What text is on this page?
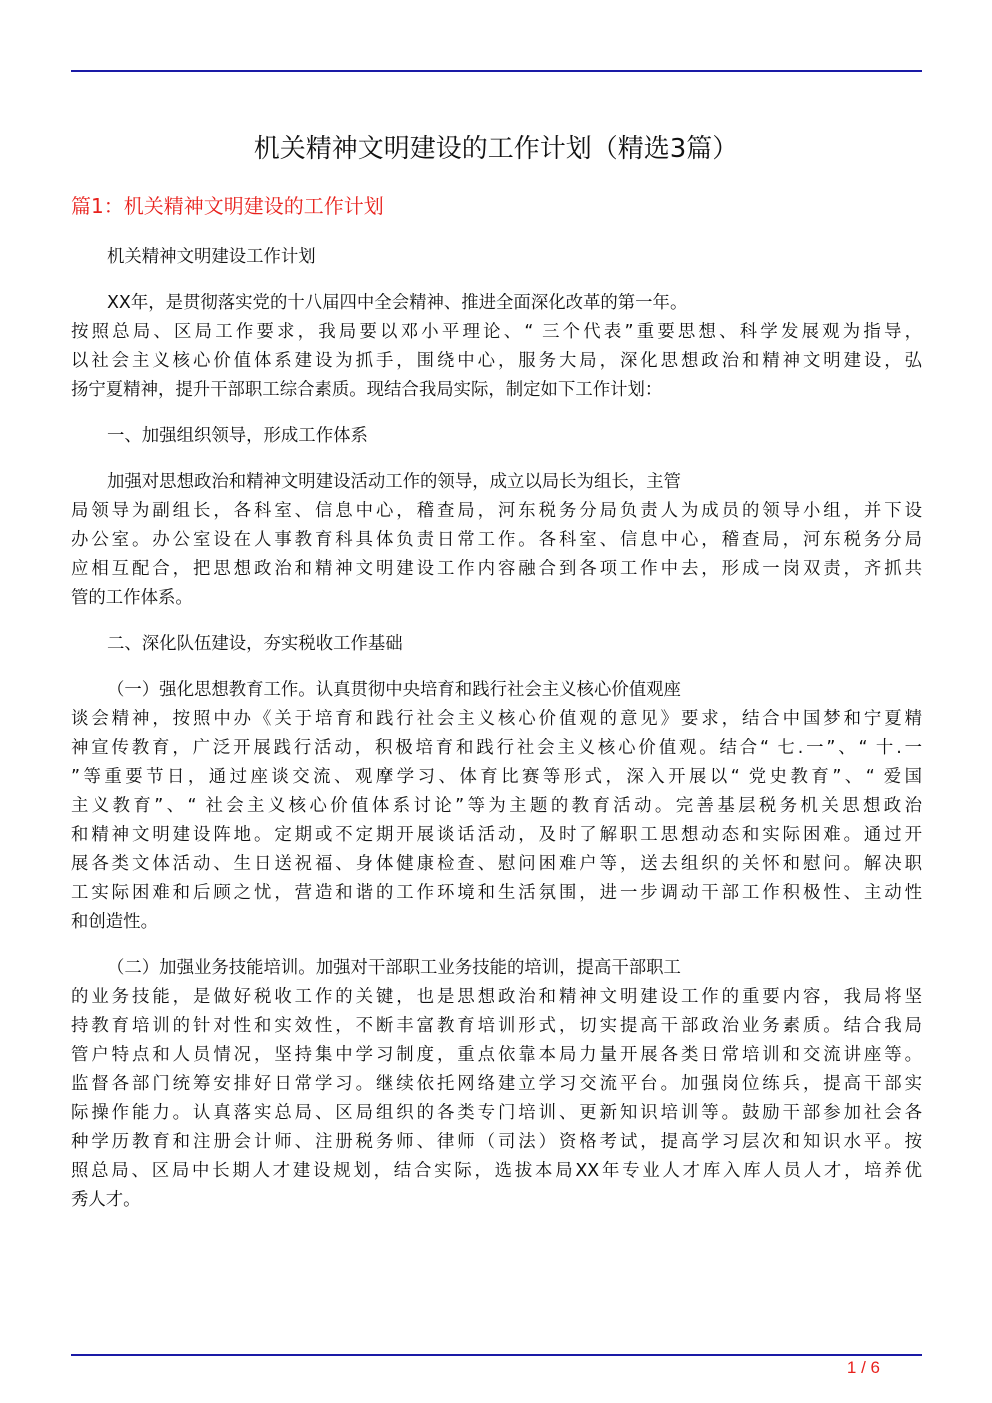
机关精神文明建设的工作计划（精选3篇）
篇1：机关精神文明建设的工作计划
机关精神文明建设工作计划
XX年，是贯彻落实党的十八届四中全会精神、推进全面深化改革的第一年。
按照总局、区局工作要求，我局要以邓小平理论、“ 三个代表”重要思想、科学发展观为指导，
以社会主义核心价值体系建设为抓手，围绕中心，服务大局，深化思想政治和精神文明建设，弘
扬宁夏精神，提升干部职工综合素质。现结合我局实际，制定如下工作计划：
一、加强组织领导，形成工作体系
加强对思想政治和精神文明建设活动工作的领导，成立以局长为组长，主管
局领导为副组长，各科室、信息中心，稽查局，河东税务分局负责人为成员的领导小组，并下设
办公室。办公室设在人事教育科具体负责日常工作。各科室、信息中心，稽查局，河东税务分局
应相互配合，把思想政治和精神文明建设工作内容融合到各项工作中去，形成一岗双责，齐抓共
管的工作体系。
二、深化队伍建设，夯实税收工作基础
（一）强化思想教育工作。认真贯彻中央培育和践行社会主义核心价值观座
谈会精神，按照中办《关于培育和践行社会主义核心价值观的意见》要求，结合中国梦和宁夏精
神宣传教育，广泛开展践行活动，积极培育和践行社会主义核心价值观。结合“ 七.一”、“ 十.一
”等重要节日，通过座谈交流、观摩学习、体育比赛等形式，深入开展以“ 党史教育”、“ 爱国
主义教育”、“ 社会主义核心价值体系讨论”等为主题的教育活动。完善基层税务机关思想政治
和精神文明建设阵地。定期或不定期开展谈话活动，及时了解职工思想动态和实际困难。通过开
展各类文体活动、生日送祝福、身体健康检查、慰问困难户等，送去组织的关怀和慰问。解决职
工实际困难和后顾之忧，营造和谐的工作环境和生活氛围，进一步调动干部工作积极性、主动性
和创造性。
（二）加强业务技能培训。加强对干部职工业务技能的培训，提高干部职工
的业务技能，是做好税收工作的关键，也是思想政治和精神文明建设工作的重要内容，我局将坚
持教育培训的针对性和实效性，不断丰富教育培训形式，切实提高干部政治业务素质。结合我局
管户特点和人员情况，坚持集中学习制度，重点依靠本局力量开展各类日常培训和交流讲座等。
监督各部门统筹安排好日常学习。继续依托网络建立学习交流平台。加强岗位练兵，提高干部实
际操作能力。认真落实总局、区局组织的各类专门培训、更新知识培训等。鼓励干部参加社会各
种学历教育和注册会计师、注册税务师、律师（司法）资格考试，提高学习层次和知识水平。按
照总局、区局中长期人才建设规划，结合实际，选拔本局XX年专业人才库入库人员人才，培养优
秀人才。
1 / 6
